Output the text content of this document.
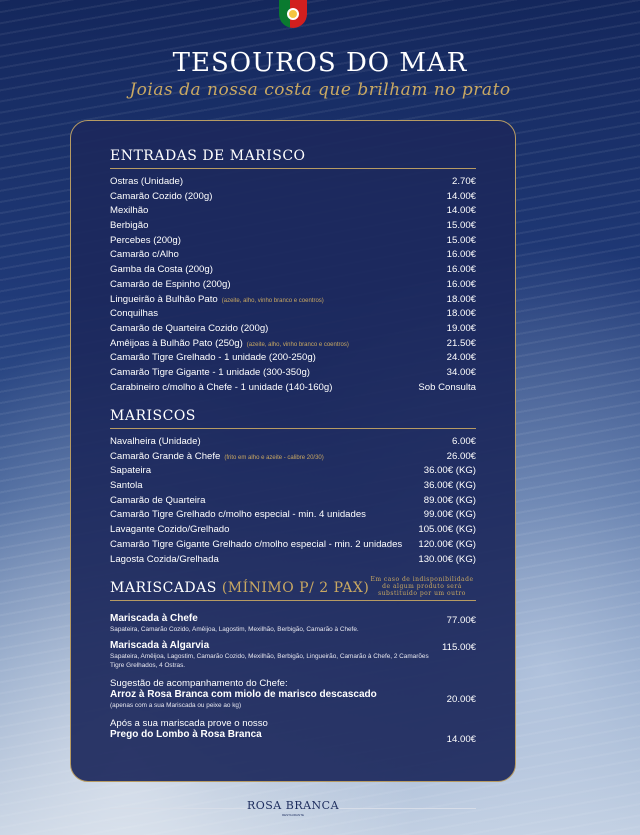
TESOUROS DO MAR
Joias da nossa costa que brilham no prato
ENTRADAS DE MARISCO
Ostras (Unidade)	2.70€
Camarão Cozido (200g)	14.00€
Mexilhão	14.00€
Berbigão	15.00€
Percebes (200g)	15.00€
Camarão c/Alho	16.00€
Gamba da Costa (200g)	16.00€
Camarão de Espinho (200g)	16.00€
Lingueirão à Bulhão Pato (azeite, alho, vinho branco e coentros)	18.00€
Conquilhas	18.00€
Camarão de Quarteira Cozido (200g)	19.00€
Amêijoas à Bulhão Pato (250g) (azeite, alho, vinho branco e coentros)	21.50€
Camarão Tigre Grelhado - 1 unidade (200-250g)	24.00€
Camarão Tigre Gigante - 1 unidade (300-350g)	34.00€
Carabineiro c/molho à Chefe - 1 unidade (140-160g)	Sob Consulta
MARISCOS
Navalheira (Unidade)	6.00€
Camarão Grande à Chefe (frito em alho e azeite - calibre 20/30)	26.00€
Sapateira	36.00€ (KG)
Santola	36.00€ (KG)
Camarão de Quarteira	89.00€ (KG)
Camarão Tigre Grelhado c/molho especial - min. 4 unidades	99.00€ (KG)
Lavagante Cozido/Grelhado	105.00€ (KG)
Camarão Tigre Gigante Grelhado c/molho especial - min. 2 unidades 120.00€ (KG)
Lagosta Cozida/Grelhada	130.00€ (KG)
MARISCADAS (MÍNIMO P/ 2 PAX)
Em caso de indisponibilidade de algum produto será substituído por um outro
Mariscada à Chefe
Sapateira, Camarão Cozido, Amêijoa, Lagostim, Mexilhão, Berbigão, Camarão à Chefe.
77.00€
Mariscada à Algarvia
Sapateira, Amêijoa, Lagostim, Camarão Cozido, Mexilhão, Berbigão, Lingueirão, Camarão à Chefe, 2 Camarões Tigre Grelhados, 4 Ostras.
115.00€
Sugestão de acompanhamento do Chefe:
Arroz à Rosa Branca com miolo de marisco descascado
(apenas com a sua Mariscada ou peixe ao kg)
20.00€
Após a sua mariscada prove o nosso
Prego do Lombo à Rosa Branca	14.00€
ROSA BRANCA
RESTAURANTE
